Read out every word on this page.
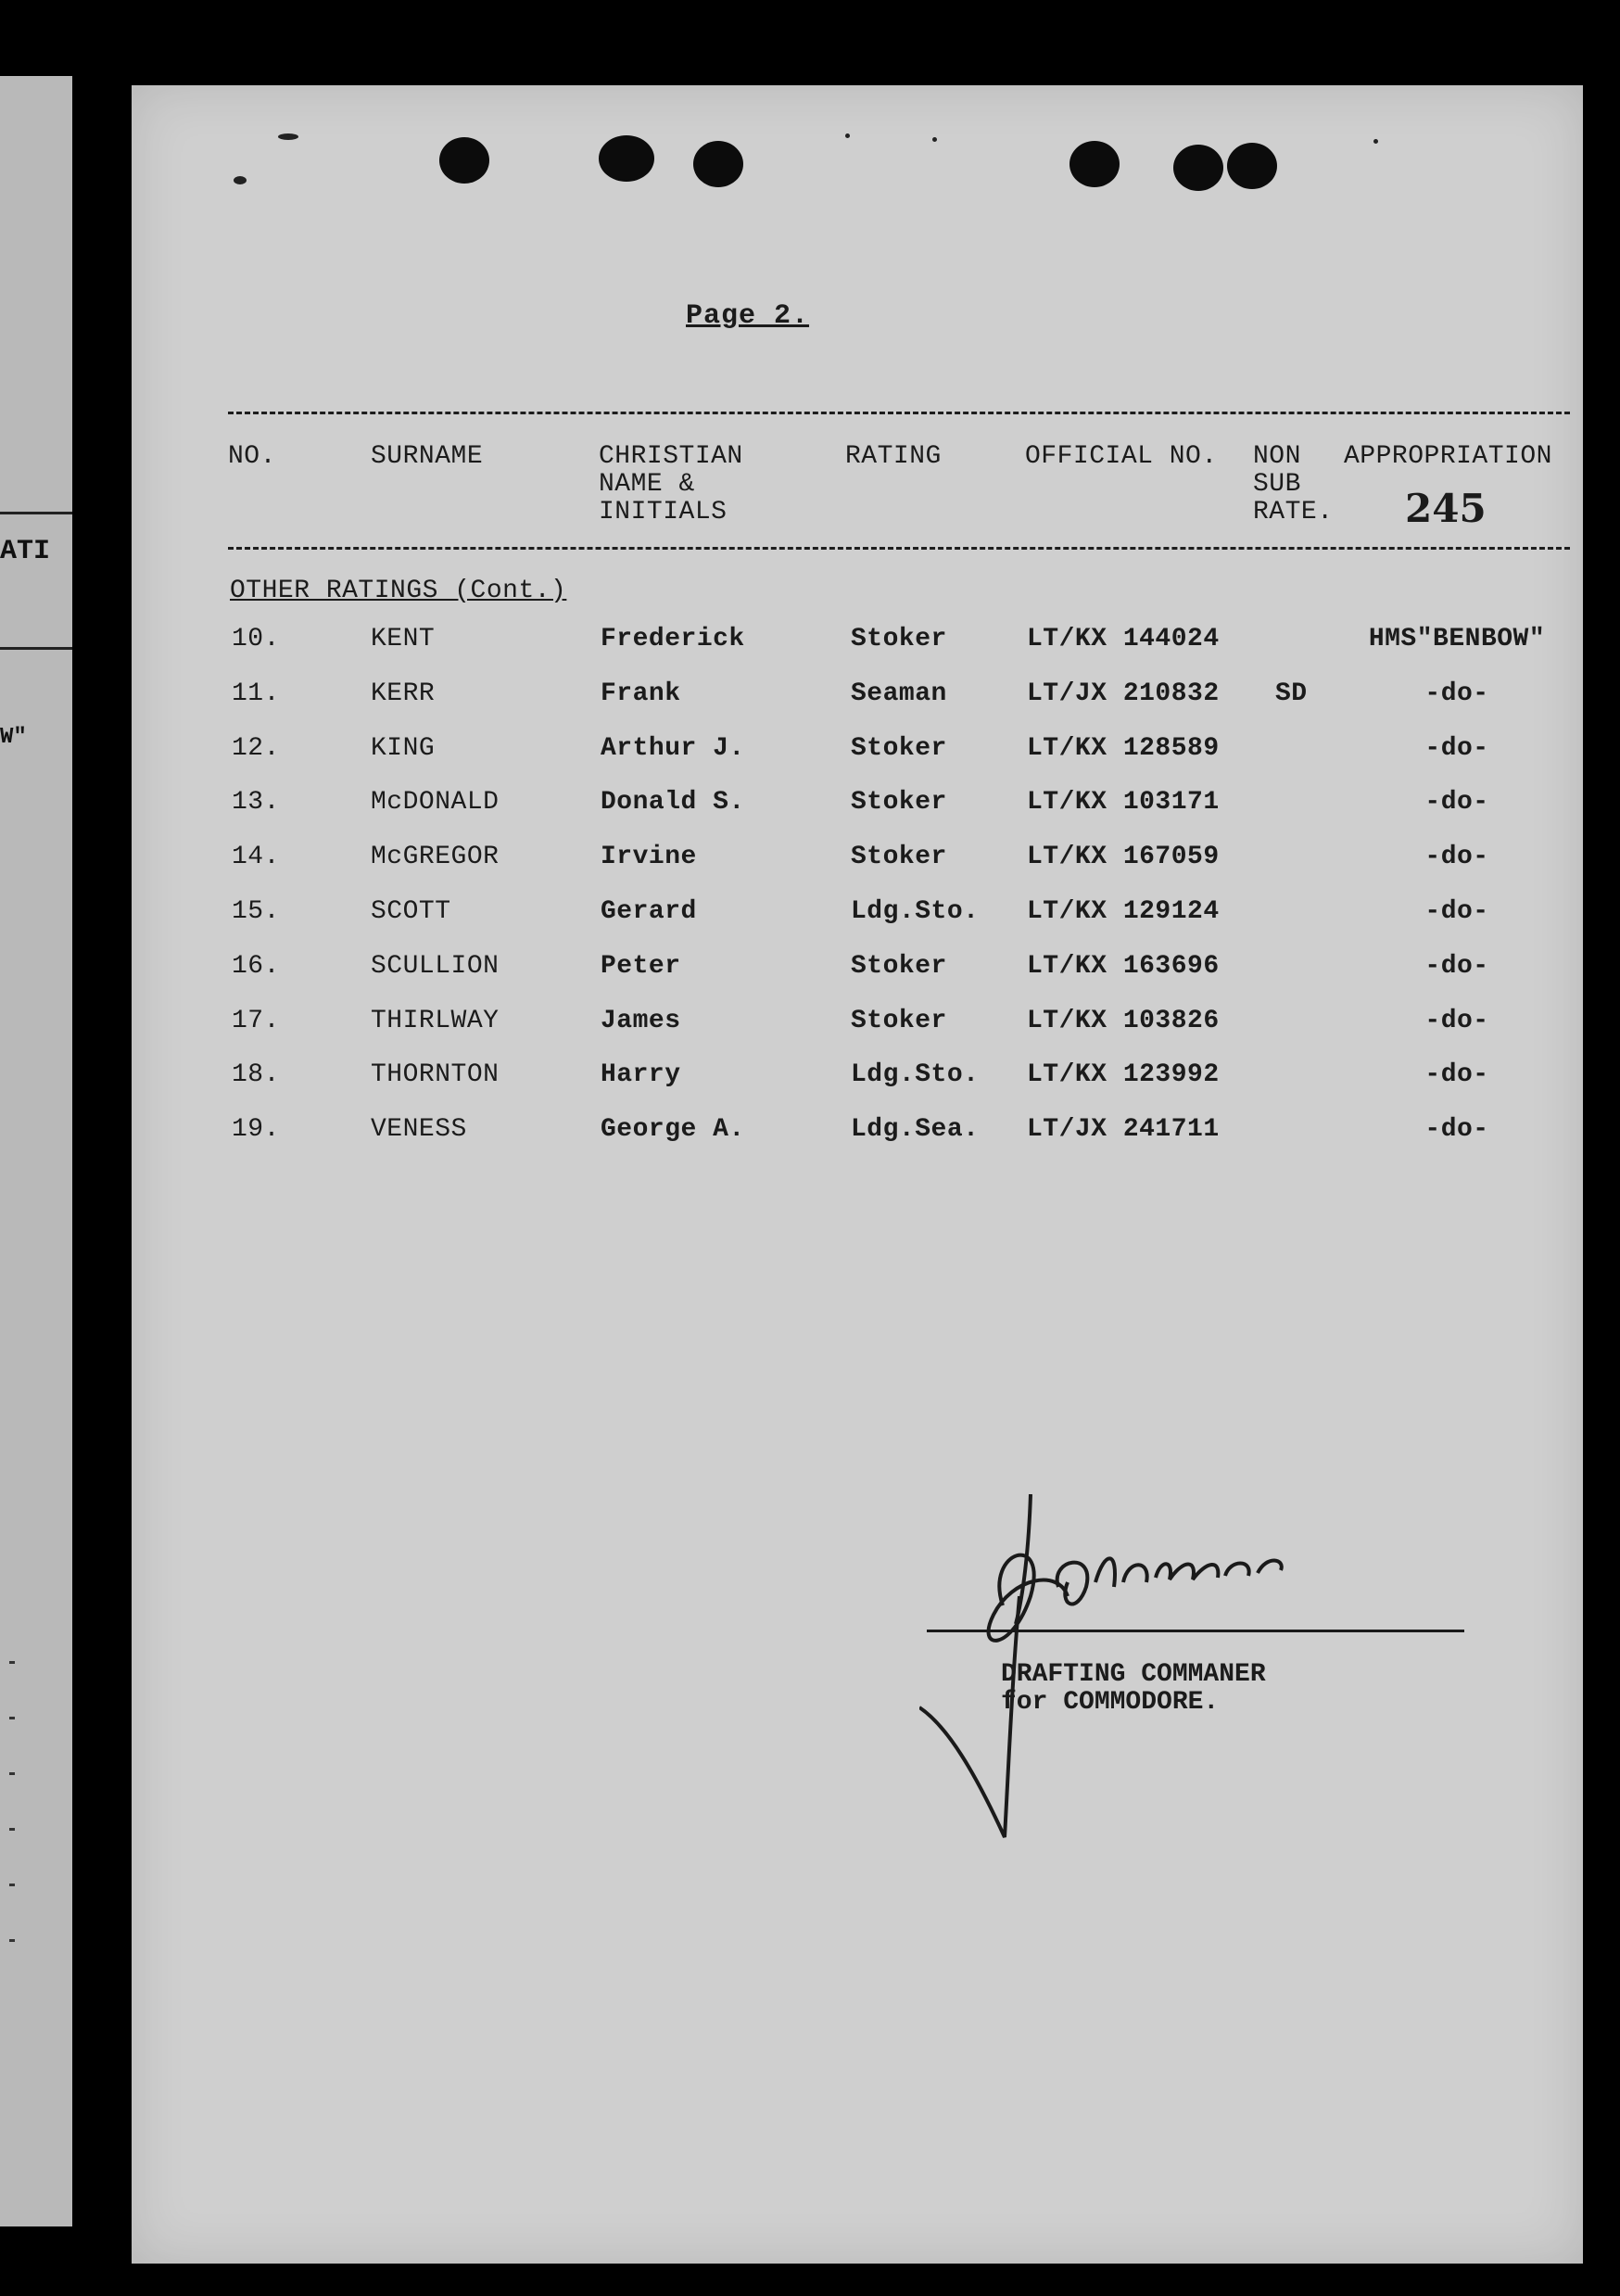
ATI
W"
Page 2.
NO.	SURNAME	CHRISTIAN
NAME &
INITIALS
RATING	OFFICIAL NO. NON
SUB
RATE.
APPROPRIATION
245
OTHER RATINGS (Cont.)
10.	KENT	Frederick	Stoker	LT/KX 144024	HMS"BENBOW"
11.	KERR	Frank	Seaman	LT/JX 210832 SD	-do-
12.	KING	Arthur J.	Stoker	LT/KX 128589	-do-
13.	McDONALD	Donald S.	Stoker	LT/KX 103171	-do-
14.	McGREGOR	Irvine	Stoker	LT/KX 167059	-do-
15.	SCOTT	Gerard	Ldg.Sto. LT/KX 129124	-do-
16.	SCULLION	Peter	Stoker	LT/KX 163696	-do-
17.	THIRLWAY	James	Stoker	LT/KX 103826	-do-
18.	THORNTON	Harry	Ldg.Sto. LT/KX 123992	-do-
19.	VENESS	George A.	Ldg.Sea. LT/JX 241711	-do-
DRAFTING COMMANER
for COMMODORE.
